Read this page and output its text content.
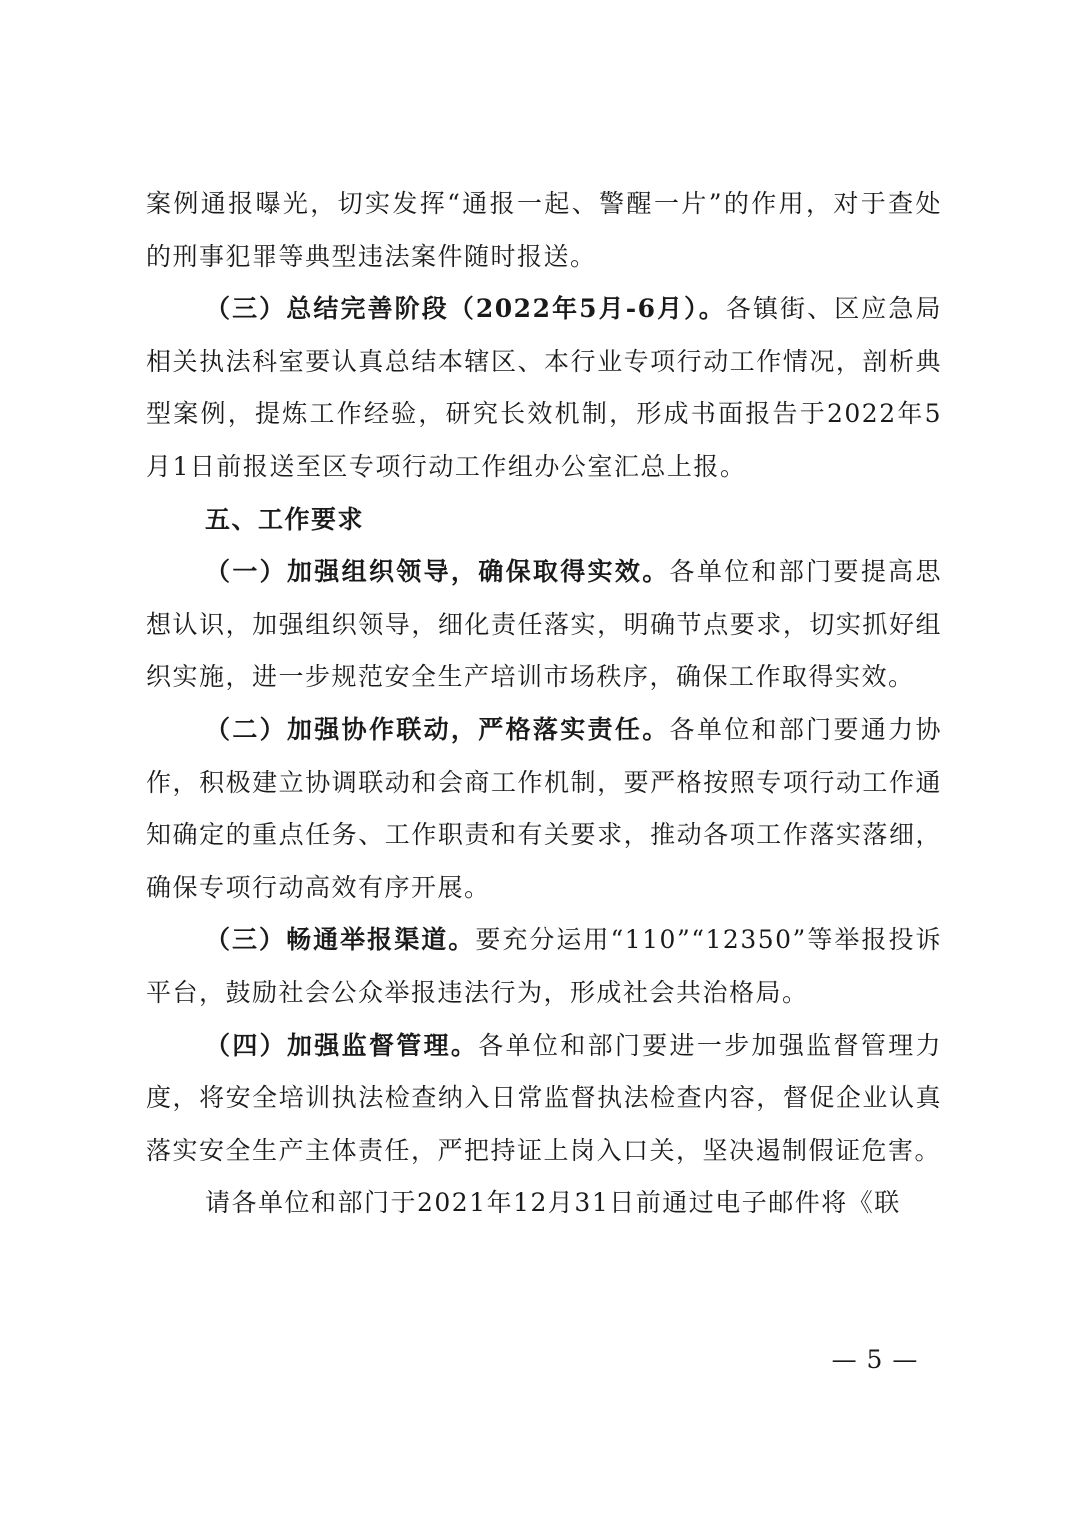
案例通报曝光，切实发挥“通报一起、警醒一片”的作用，对于查处的刑事犯罪等典型违法案件随时报送。

（三）总结完善阶段（2022年5月-6月）。各镇街、区应急局相关执法科室要认真总结本辖区、本行业专项行动工作情况，剖析典型案例，提炼工作经验，研究长效机制，形成书面报告于2022年5月1日前报送至区专项行动工作组办公室汇总上报。

五、工作要求

（一）加强组织领导，确保取得实效。各单位和部门要提高思想认识，加强组织领导，细化责任落实，明确节点要求，切实抓好组织实施，进一步规范安全生产培训市场秩序，确保工作取得实效。

（二）加强协作联动，严格落实责任。各单位和部门要通力协作，积极建立协调联动和会商工作机制，要严格按照专项行动工作通知确定的重点任务、工作职责和有关要求，推动各项工作落实落细，确保专项行动高效有序开展。

（三）畅通举报渠道。要充分运用“110”“12350”等举报投诉平台，鼓励社会公众举报违法行为，形成社会共治格局。

（四）加强监督管理。各单位和部门要进一步加强监督管理力度，将安全培训执法检查纳入日常监督执法检查内容，督促企业认真落实安全生产主体责任，严把持证上岗入口关，坚决遏制假证危害。

请各单位和部门于2021年12月31日前通过电子邮件将《联

— 5 —
